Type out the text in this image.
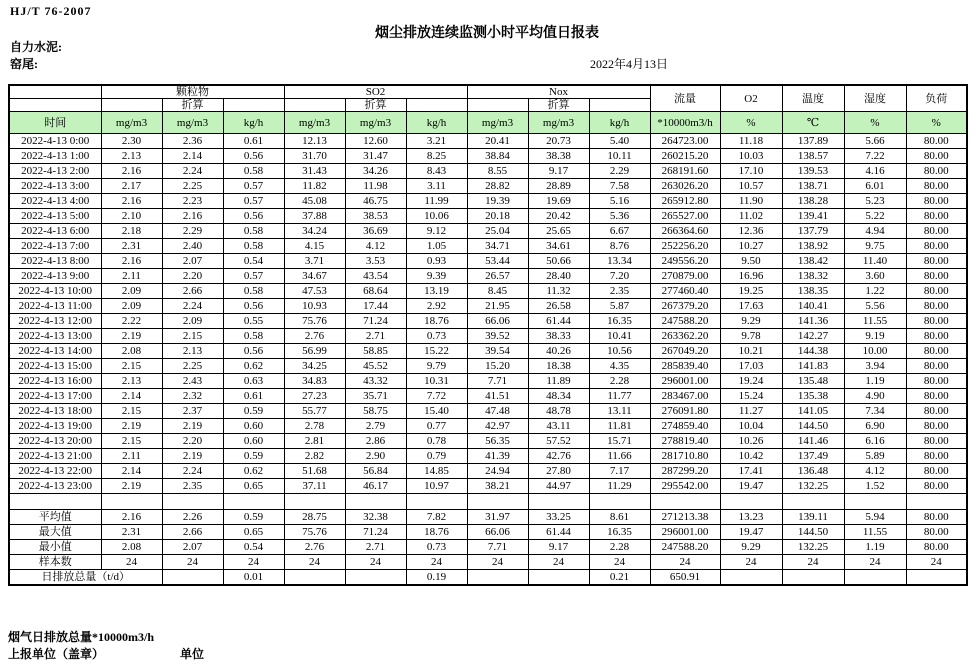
HJ/T 76-2007
烟尘排放连续监测小时平均值日报表
自力水泥:
窑尾:	2022年4月13日
	颗粒物			SO2			Nox			流量	O2	温度	湿度	负荷
		折算			折算			折算						
时间	mg/m3	mg/m3	kg/h	mg/m3	mg/m3	kg/h	mg/m3	mg/m3	kg/h	*10000m3/h	%	℃	%	%
2022-4-13 0:00	2.30	2.36	0.61	12.13	12.60	3.21	20.41	20.73	5.40	264723.00	11.18	137.89	5.66	80.00
2022-4-13 1:00	2.13	2.14	0.56	31.70	31.47	8.25	38.84	38.38	10.11	260215.20	10.03	138.57	7.22	80.00
2022-4-13 2:00	2.16	2.24	0.58	31.43	34.26	8.43	8.55	9.17	2.29	268191.60	17.10	139.53	4.16	80.00
2022-4-13 3:00	2.17	2.25	0.57	11.82	11.98	3.11	28.82	28.89	7.58	263026.20	10.57	138.71	6.01	80.00
2022-4-13 4:00	2.16	2.23	0.57	45.08	46.75	11.99	19.39	19.69	5.16	265912.80	11.90	138.28	5.23	80.00
2022-4-13 5:00	2.10	2.16	0.56	37.88	38.53	10.06	20.18	20.42	5.36	265527.00	11.02	139.41	5.22	80.00
2022-4-13 6:00	2.18	2.29	0.58	34.24	36.69	9.12	25.04	25.65	6.67	266364.60	12.36	137.79	4.94	80.00
2022-4-13 7:00	2.31	2.40	0.58	4.15	4.12	1.05	34.71	34.61	8.76	252256.20	10.27	138.92	9.75	80.00
2022-4-13 8:00	2.16	2.07	0.54	3.71	3.53	0.93	53.44	50.66	13.34	249556.20	9.50	138.42	11.40	80.00
2022-4-13 9:00	2.11	2.20	0.57	34.67	43.54	9.39	26.57	28.40	7.20	270879.00	16.96	138.32	3.60	80.00
2022-4-13 10:00	2.09	2.66	0.58	47.53	68.64	13.19	8.45	11.32	2.35	277460.40	19.25	138.35	1.22	80.00
2022-4-13 11:00	2.09	2.24	0.56	10.93	17.44	2.92	21.95	26.58	5.87	267379.20	17.63	140.41	5.56	80.00
2022-4-13 12:00	2.22	2.09	0.55	75.76	71.24	18.76	66.06	61.44	16.35	247588.20	9.29	141.36	11.55	80.00
2022-4-13 13:00	2.19	2.15	0.58	2.76	2.71	0.73	39.52	38.33	10.41	263362.20	9.78	142.27	9.19	80.00
2022-4-13 14:00	2.08	2.13	0.56	56.99	58.85	15.22	39.54	40.26	10.56	267049.20	10.21	144.38	10.00	80.00
2022-4-13 15:00	2.15	2.25	0.62	34.25	45.52	9.79	15.20	18.38	4.35	285839.40	17.03	141.83	3.94	80.00
2022-4-13 16:00	2.13	2.43	0.63	34.83	43.32	10.31	7.71	11.89	2.28	296001.00	19.24	135.48	1.19	80.00
2022-4-13 17:00	2.14	2.32	0.61	27.23	35.71	7.72	41.51	48.34	11.77	283467.00	15.24	135.38	4.90	80.00
2022-4-13 18:00	2.15	2.37	0.59	55.77	58.75	15.40	47.48	48.78	13.11	276091.80	11.27	141.05	7.34	80.00
2022-4-13 19:00	2.19	2.19	0.60	2.78	2.79	0.77	42.97	43.11	11.81	274859.40	10.04	144.50	6.90	80.00
2022-4-13 20:00	2.15	2.20	0.60	2.81	2.86	0.78	56.35	57.52	15.71	278819.40	10.26	141.46	6.16	80.00
2022-4-13 21:00	2.11	2.19	0.59	2.82	2.90	0.79	41.39	42.76	11.66	281710.80	10.42	137.49	5.89	80.00
2022-4-13 22:00	2.14	2.24	0.62	51.68	56.84	14.85	24.94	27.80	7.17	287299.20	17.41	136.48	4.12	80.00
2022-4-13 23:00	2.19	2.35	0.65	37.11	46.17	10.97	38.21	44.97	11.29	295542.00	19.47	132.25	1.52	80.00

平均值	2.16	2.26	0.59	28.75	32.38	7.82	31.97	33.25	8.61	271213.38	13.23	139.11	5.94	80.00
最大值	2.31	2.66	0.65	75.76	71.24	18.76	66.06	61.44	16.35	296001.00	19.47	144.50	11.55	80.00
最小值	2.08	2.07	0.54	2.76	2.71	0.73	7.71	9.17	2.28	247588.20	9.29	132.25	1.19	80.00
样本数	24	24	24	24	24	24	24	24	24	24	24	24	24	24
日排放总量（t/d）			0.01			0.19			0.21	650.91				
烟气日排放总量*10000m3/h
上报单位（盖章）	单位
